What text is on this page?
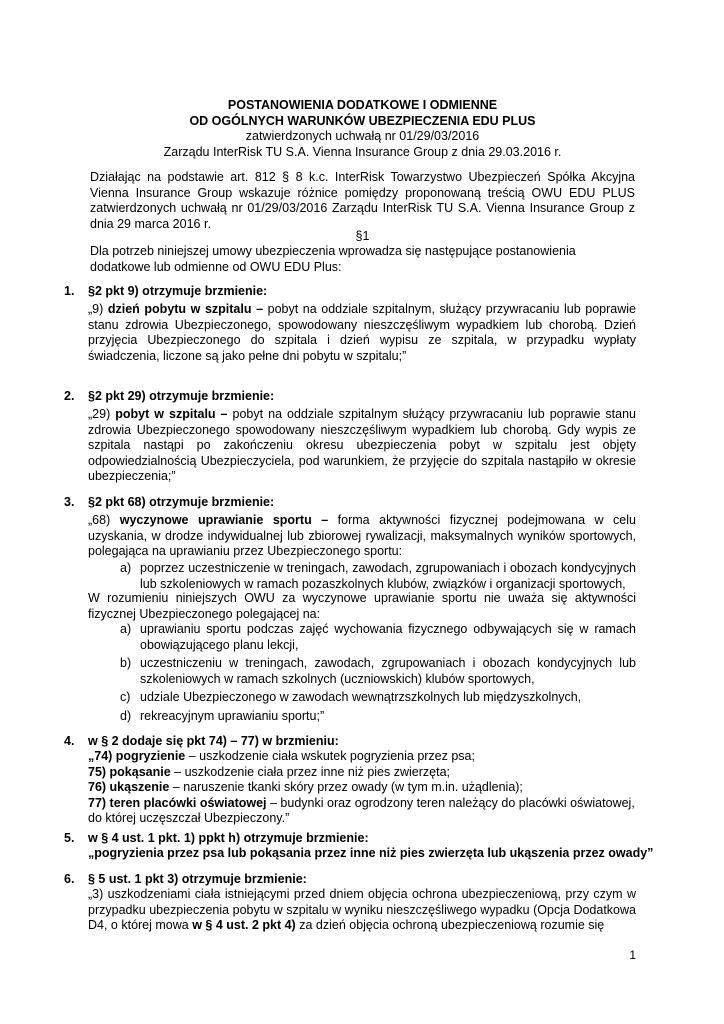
POSTANOWIENIA DODATKOWE I ODMIENNE
OD OGÓLNYCH WARUNKÓW UBEZPIECZENIA EDU PLUS
zatwierdzonych uchwałą nr 01/29/03/2016
Zarządu InterRisk TU S.A. Vienna Insurance Group z dnia 29.03.2016 r.
Działając na podstawie art. 812 § 8 k.c. InterRisk Towarzystwo Ubezpieczeń Spółka Akcyjna Vienna Insurance Group wskazuje różnice pomiędzy proponowaną treścią OWU EDU PLUS zatwierdzonych uchwałą nr 01/29/03/2016 Zarządu InterRisk TU S.A. Vienna Insurance Group z dnia 29 marca 2016 r.
§1
Dla potrzeb niniejszej umowy ubezpieczenia wprowadza się następujące postanowienia dodatkowe lub odmienne od OWU EDU Plus:
1. §2 pkt 9) otrzymuje brzmienie:
„9) dzień pobytu w szpitalu – pobyt na oddziale szpitalnym, służący przywracaniu lub poprawie stanu zdrowia Ubezpieczonego, spowodowany nieszczęśliwym wypadkiem lub chorobą. Dzień przyjęcia Ubezpieczonego do szpitala i dzień wypisu ze szpitala, w przypadku wypłaty świadczenia, liczone są jako pełne dni pobytu w szpitalu;”
2. §2 pkt 29) otrzymuje brzmienie:
„29) pobyt w szpitalu – pobyt na oddziale szpitalnym służący przywracaniu lub poprawie stanu zdrowia Ubezpieczonego spowodowany nieszczęśliwym wypadkiem lub chorobą. Gdy wypis ze szpitala nastąpi po zakończeniu okresu ubezpieczenia pobyt w szpitalu jest objęty odpowiedzialnością Ubezpieczyciela, pod warunkiem, że przyjęcie do szpitala nastąpiło w okresie ubezpieczenia;”
3. §2 pkt 68) otrzymuje brzmienie:
„68) wyczynowe uprawianie sportu – forma aktywności fizycznej podejmowana w celu uzyskania, w drodze indywidualnej lub zbiorowej rywalizacji, maksymalnych wyników sportowych, polegająca na uprawianiu przez Ubezpieczonego sportu:
a) poprzez uczestniczenie w treningach, zawodach, zgrupowaniach i obozach kondycyjnych lub szkoleniowych w ramach pozaszkolnych klubów, związków i organizacji sportowych,
W rozumieniu niniejszych OWU za wyczynowe uprawianie sportu nie uważa się aktywności fizycznej Ubezpieczonego polegającej na:
a) uprawianiu sportu podczas zajęć wychowania fizycznego odbywających się w ramach obowiązującego planu lekcji,
b) uczestniczeniu w treningach, zawodach, zgrupowaniach i obozach kondycyjnych lub szkoleniowych w ramach szkolnych (uczniowskich) klubów sportowych,
c) udziale Ubezpieczonego w zawodach wewnątrzszkolnych lub międzyszkolnych,
d) rekreacyjnym uprawianiu sportu;”
4. w § 2 dodaje się pkt 74) – 77) w brzmieniu:
„74) pogryzienie – uszkodzenie ciała wskutek pogryzienia przez psa;
75) pokąsanie – uszkodzenie ciała przez inne niż pies zwierzęta;
76) ukąszenie – naruszenie tkanki skóry przez owady (w tym m.in. użądlenia);
77) teren placówki oświatowej – budynki oraz ogrodzony teren należący do placówki oświatowej, do której uczęszczał Ubezpieczony.”
5. w § 4 ust. 1 pkt. 1) ppkt h) otrzymuje brzmienie:
„pogryzienia przez psa lub pokąsania przez inne niż pies zwierzęta lub ukąszenia przez owady”
6. § 5 ust. 1 pkt 3) otrzymuje brzmienie:
„3) uszkodzeniami ciała istniejącymi przed dniem objęcia ochrona ubezpieczeniową, przy czym w przypadku ubezpieczenia pobytu w szpitalu w wyniku nieszczęśliwego wypadku (Opcja Dodatkowa D4, o której mowa w § 4 ust. 2 pkt 4) za dzień objęcia ochroną ubezpieczeniową rozumie się
1
